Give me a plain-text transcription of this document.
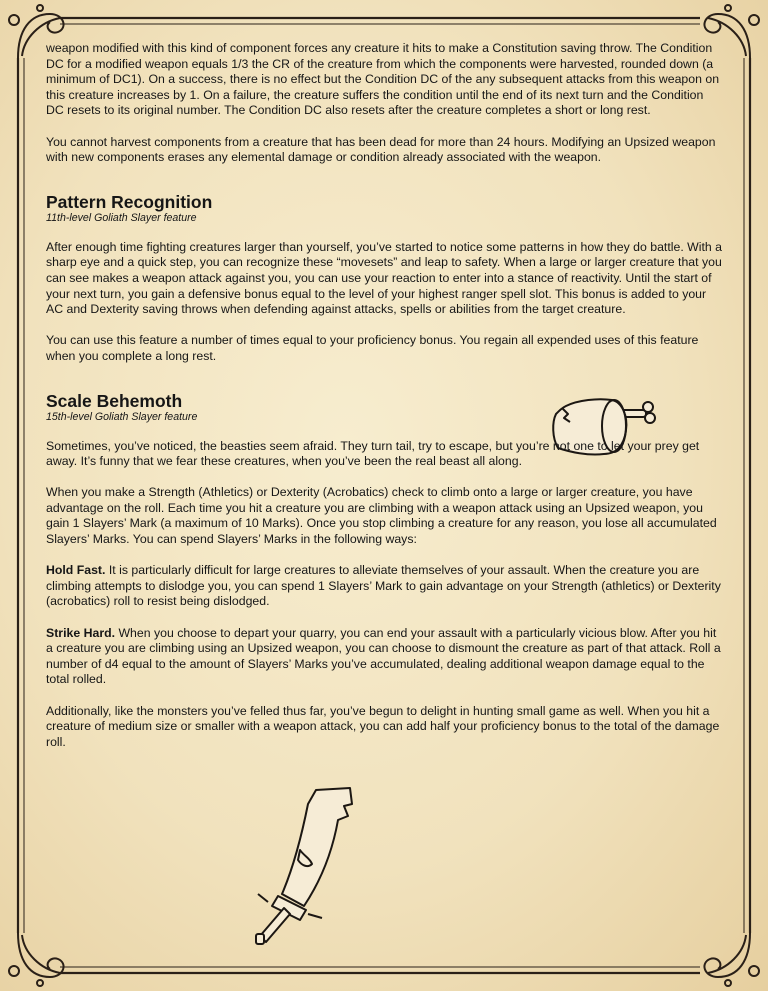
weapon modified with this kind of component forces any creature it hits to make a Constitution saving throw. The Condition DC for a modified weapon equals 1/3 the CR of the creature from which the components were harvested, rounded down (a minimum of DC1). On a success, there is no effect but the Condition DC of the any subsequent attacks from this weapon on this creature increases by 1. On a failure, the creature suffers the condition until the end of its next turn and the Condition DC resets to its original number. The Condition DC also resets after the creature completes a short or long rest.

You cannot harvest components from a creature that has been dead for more than 24 hours. Modifying an Upsized weapon with new components erases any elemental damage or condition already associated with the weapon.

Pattern Recognition
11th-level Goliath Slayer feature

After enough time fighting creatures larger than yourself, you’ve started to notice some patterns in how they do battle. With a sharp eye and a quick step, you can recognize these “movesets” and leap to safety. When a large or larger creature that you can see makes a weapon attack against you, you can use your reaction to enter into a stance of reactivity. Until the start of your next turn, you gain a defensive bonus equal to the level of your highest ranger spell slot. This bonus is added to your AC and Dexterity saving throws when defending against attacks, spells or abilities from the target creature.

You can use this feature a number of times equal to your proficiency bonus. You regain all expended uses of this feature when you complete a long rest.

Scale Behemoth
15th-level Goliath Slayer feature

Sometimes, you’ve noticed, the beasties seem afraid. They turn tail, try to escape, but you’re not one to let your prey get away. It’s funny that we fear these creatures, when you’ve been the real beast all along.

When you make a Strength (Athletics) or Dexterity (Acrobatics) check to climb onto a large or larger creature, you have advantage on the roll. Each time you hit a creature you are climbing with a weapon attack using an Upsized weapon, you gain 1 Slayers’ Mark (a maximum of 10 Marks). Once you stop climbing a creature for any reason, you lose all accumulated Slayers’ Marks. You can spend Slayers’ Marks in the following ways:

Hold Fast. It is particularly difficult for large creatures to alleviate themselves of your assault. When the creature you are climbing attempts to dislodge you, you can spend 1 Slayers’ Mark to gain advantage on your Strength (athletics) or Dexterity (acrobatics) roll to resist being dislodged.

Strike Hard. When you choose to depart your quarry, you can end your assault with a particularly vicious blow. After you hit a creature you are climbing using an Upsized weapon, you can choose to dismount the creature as part of that attack. Roll a number of d4 equal to the amount of Slayers’ Marks you’ve accumulated, dealing additional weapon damage equal to the total rolled.

Additionally, like the monsters you’ve felled thus far, you’ve begun to delight in hunting small game as well. When you hit a creature of medium size or smaller with a weapon attack, you can add half your proficiency bonus to the total of the damage roll.
